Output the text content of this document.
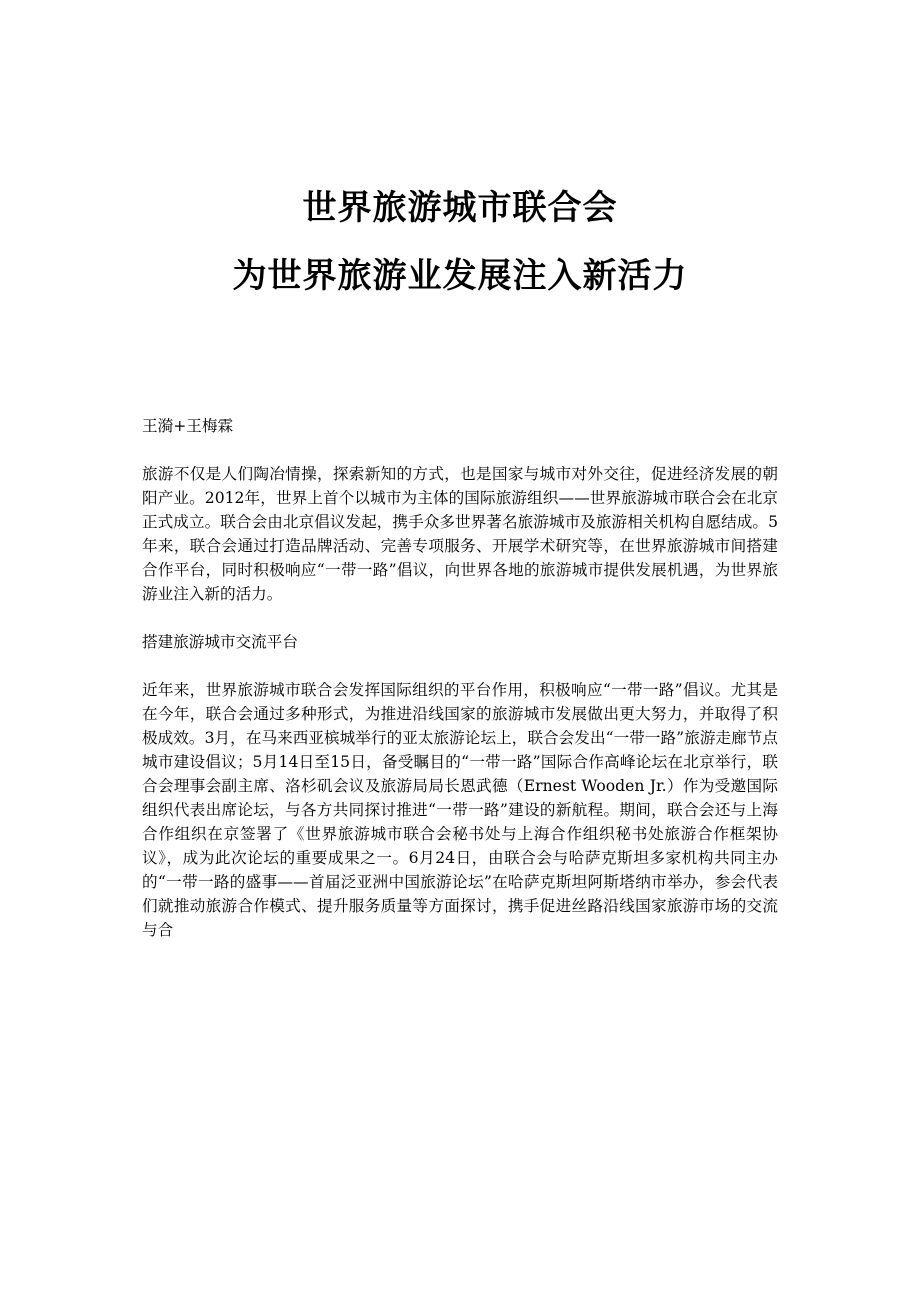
世界旅游城市联合会
为世界旅游业发展注入新活力

王漪+王梅霖

旅游不仅是人们陶冶情操，探索新知的方式，也是国家与城市对外交往，促进经济发展的朝阳产业。2012年，世界上首个以城市为主体的国际旅游组织——世界旅游城市联合会在北京正式成立。联合会由北京倡议发起，携手众多世界著名旅游城市及旅游相关机构自愿结成。5年来，联合会通过打造品牌活动、完善专项服务、开展学术研究等，在世界旅游城市间搭建合作平台，同时积极响应“一带一路”倡议，向世界各地的旅游城市提供发展机遇，为世界旅游业注入新的活力。

搭建旅游城市交流平台

近年来，世界旅游城市联合会发挥国际组织的平台作用，积极响应“一带一路”倡议。尤其是在今年，联合会通过多种形式，为推进沿线国家的旅游城市发展做出更大努力，并取得了积极成效。3月，在马来西亚槟城举行的亚太旅游论坛上，联合会发出“一带一路”旅游走廊节点城市建设倡议；5月14日至15日，备受瞩目的“一带一路”国际合作高峰论坛在北京举行，联合会理事会副主席、洛杉矶会议及旅游局局长恩武德（Ernest Wooden Jr.）作为受邀国际组织代表出席论坛，与各方共同探讨推进“一带一路”建设的新航程。期间，联合会还与上海合作组织在京签署了《世界旅游城市联合会秘书处与上海合作组织秘书处旅游合作框架协议》，成为此次论坛的重要成果之一。6月24日，由联合会与哈萨克斯坦多家机构共同主办的“一带一路的盛事——首届泛亚洲中国旅游论坛”在哈萨克斯坦阿斯塔纳市举办，参会代表们就推动旅游合作模式、提升服务质量等方面探讨，携手促进丝路沿线国家旅游市场的交流与合
